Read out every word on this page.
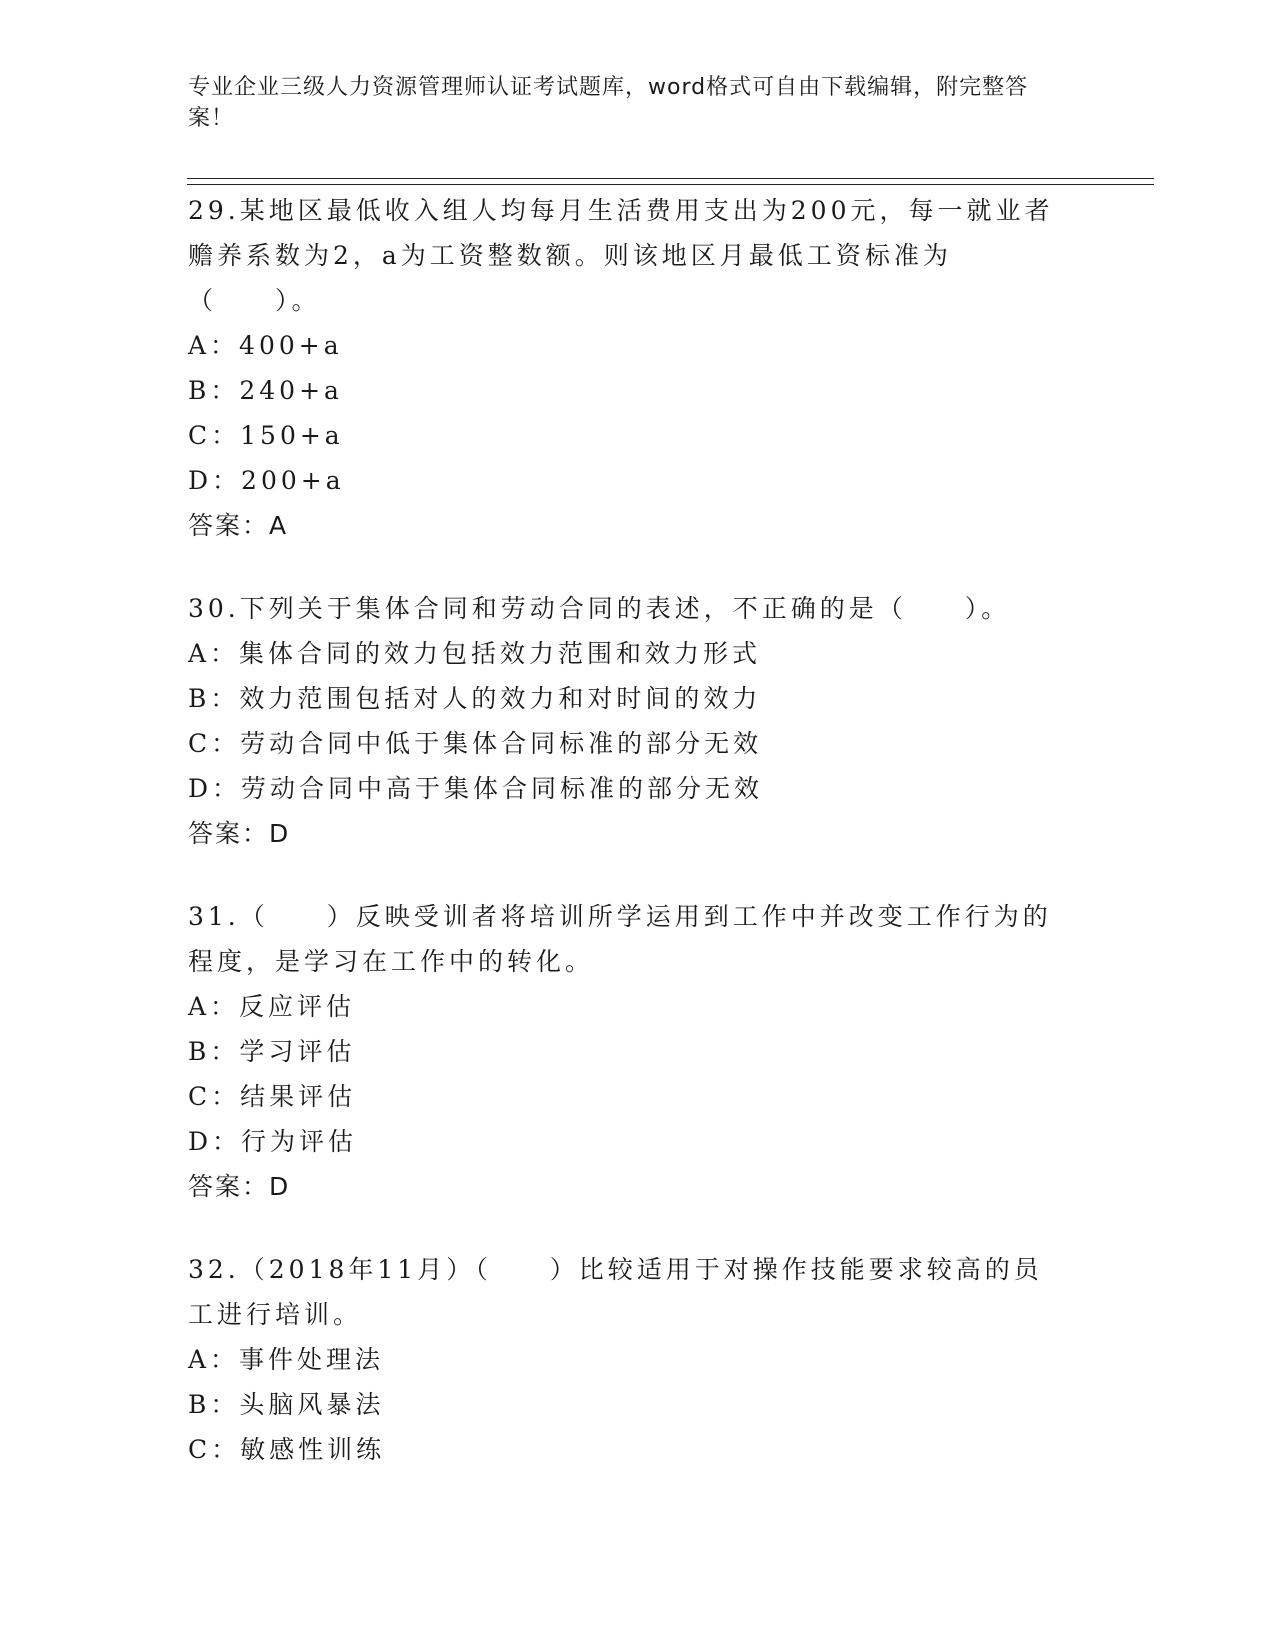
专业企业三级人力资源管理师认证考试题库，word格式可自由下载编辑，附完整答案！
29.某地区最低收入组人均每月生活费用支出为200元，每一就业者赡养系数为2，a为工资整数额。则该地区月最低工资标准为（　　）。
A：400+a
B：240+a
C：150+a
D：200+a
答案：A
30.下列关于集体合同和劳动合同的表述，不正确的是（　　）。
A：集体合同的效力包括效力范围和效力形式
B：效力范围包括对人的效力和对时间的效力
C：劳动合同中低于集体合同标准的部分无效
D：劳动合同中高于集体合同标准的部分无效
答案：D
31.（　　）反映受训者将培训所学运用到工作中并改变工作行为的程度，是学习在工作中的转化。
A：反应评估
B：学习评估
C：结果评估
D：行为评估
答案：D
32.（2018年11月）（　　）比较适用于对操作技能要求较高的员工进行培训。
A：事件处理法
B：头脑风暴法
C：敏感性训练
